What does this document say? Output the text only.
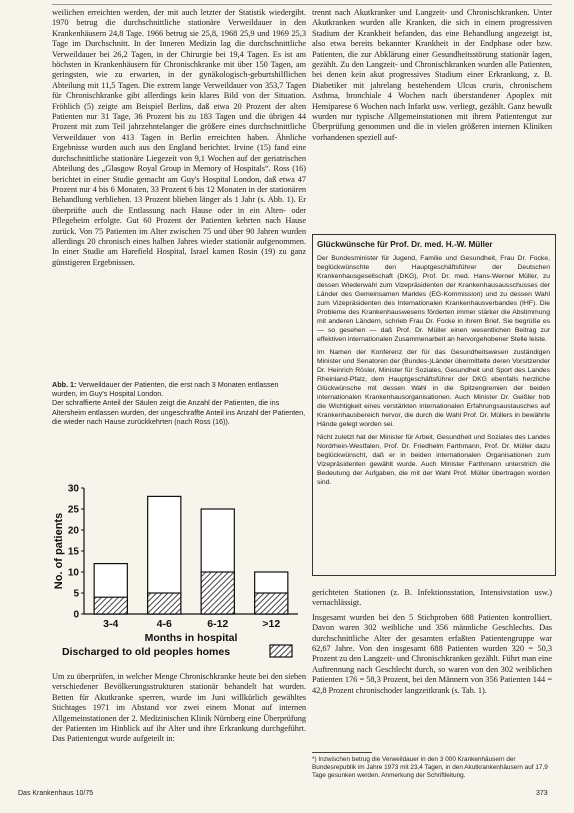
weilichen erreichten werden, der mit auch letzter der Statistik wiedergibt. 1970 betrug die durchschnittliche stationäre Verweildauer in den Krankenhäusern 24,8 Tage. 1966 betrug sie 25,8, 1968 25,9 und 1969 25,3 Tage im Durchschnitt. In der Inneren Medizin lag die durchschnittliche Verweildauer bei 26,2 Tagen, in der Chirurgie bei 19,4 Tagen. Es ist am höchsten in Krankenhäusern für Chronischkranke mit über 150 Tagen, am geringsten, wie zu erwarten, in der gynäkologisch-geburtshilflichen Abteilung mit 11,5 Tagen. Die extrem lange Verweildauer von 353,7 Tagen für Chronischkranke gibt allerdings kein klares Bild von der Situation. Fröhlich (5) zeigte am Beispiel Berlins, daß etwa 20 Prozent der alten Patienten nur 31 Tage, 36 Prozent bis zu 183 Tagen und die übrigen 44 Prozent mit zum Teil jahrzehntelanger die größere eines durchschnittliche Verweildauer von 413 Tagen in Berlin erreichten haben. Ähnliche Ergebnisse wurden auch aus den England berichtet. Irvine (15) fand eine durchschnittliche stationäre Liegezeit von 9,1 Wochen auf der geriatrischen Abteilung des „Glasgow Royal Group in Memory of Hospitals“. Ross (16) berichtet in einer Studie gemacht am Guy's Hospital London, daß etwa 47 Prozent nur 4 bis 6 Monaten, 33 Prozent 6 bis 12 Monaten in der stationären Behandlung verblieben. 13 Prozent blieben länger als 1 Jahr (s. Abb. 1). Er überprüfte auch die Entlassung nach Hause oder in ein Alten- oder Pflegeheim erfolgte. Gut 60 Prozent der Patienten kehrten nach Hause zurück. Von 75 Patienten im Alter zwischen 75 und über 90 Jahren wurden allerdings 20 chronisch eines halben Jahres wieder stationär aufgenommen. In einer Studie am Harefield Hospital, Israel kamen Rosin (19) zu ganz günstigeren Ergebnissen.

Abb. 1: Verweildauer der Patienten, die erst nach 3 Monaten entlassen wurden, im Guy's Hospital London.

Der schraffierte Anteil der Säulen zeigt die Anzahl der Patienten, die ins Altersheim entlassen wurden, der ungeschraffte Anteil ins Anzahl der Patienten, die wieder nach Hause zurückkehrten (nach Ross (16)).

0
5
10
15
20
25
30
No. of patients
3-4	4-6	6-12	>12
Months in hospital
Discharged to old peoples homes

Um zu überprüfen, in welcher Menge Chronischkranke heute bei den sieben verschiedener Bevölkerungsstrukturen stationär behandelt hat wurden. Betten für Akutkranke sperren, wurde im Juni willkürlich gewähltes Stichtages 1971 im Abstand vor zwei einem Monat auf internen Allgemeinstationen der 2. Medizinischen Klinik Nürnberg eine Überprüfung der Patienten im Hinblick auf ihr Alter und ihre Erkrankung durchgeführt. Das Patientengut wurde aufgeteilt in:

trennt nach Akutkranker und Langzeit- und Chronischkranken. Unter Akutkranken wurden alle Kranken, die sich in einem progressiven Stadium der Krankheit befanden, das eine Behandlung angezeigt ist, also etwa bereits bekannter Krankheit in der Endphase oder bzw. Patienten, die zur Abklärung einer Gesundheitsstörung stationär lagen, gezählt. Zu den Langzeit- und Chronischkranken wurden alle Patienten, bei denen kein akut progressives Stadium einer Erkrankung, z. B. Diabetiker mit jahrelang bestehendem Ulcus cruris, chronischem Asthma, bronchiale 4 Wochen nach überstandener Apoplex mit Hemiparese 6 Wochen nach Infarkt usw. verliegt, gezählt. Ganz bewußt wurden nur typische Allgemeinstationen mit ihrem Patientengut zur Überprüfung genommen und die in vielen größeren internen Kliniken vorhandenen speziell auf-

Glückwünsche für Prof. Dr. med. H.-W. Müller

Der Bundesminister für Jugend, Familie und Gesundheit, Frau Dr. Focke, beglückwünschte den Hauptgeschäftsführer der Deutschen Krankenhausgesellschaft (DKG), Prof. Dr. med. Hans-Werner Müller, zu dessen Wiederwahl zum Vizepräsidenten der Krankenhausausschusses der Länder des Gemeinsamen Marktes (EG-Kommission) und zu dessen Wahl zum Vizepräsidenten des Internationalen Krankenhausverbandes (IHF). Die Probleme des Krankenhauswesens förderten immer stärker die Abstimmung mit anderen Ländern, schrieb Frau Dr. Focke in ihrem Brief. Sie begrüße es — so gesehen — daß Prof. Dr. Müller einen wesentlichen Beitrag zur effektiven internationalen Zusammenarbeit an hervorgehobener Stelle leiste.

Im Namen der Konferenz der für das Gesundheitswesen zuständigen Minister und Senatoren der (Bundes-)Länder übermittelte deren Vorsitzender Dr. Heinrich Rösler, Minister für Soziales, Gesundheit und Sport des Landes Rheinland-Pfalz, dem Hauptgeschäftsführer der DKG ebenfalls herzliche Glückwünsche mit dessen Wahl in die Spitzengremien der beiden internationalen Krankenhausorganisationen. Auch Minister Dr. Geißler hob die Wichtigkeit eines verstärkten internationalen Erfahrungsaustausches auf Krankenhausbereich hervor, die durch die Wahl Prof. Dr. Müllers in bewährte Hände gelegt worden sei.

Nicht zuletzt hat der Minister für Arbeit, Gesundheit und Soziales des Landes Nordrhein-Westfalen, Prof. Dr. Friedhelm Farthmann, Prof. Dr. Müller dazu beglückwünscht, daß er in beiden internationalen Organisationen zum Vizepräsidenten gewählt wurde. Auch Minister Farthmann unterstrich die Bedeutung der Aufgaben, die mit der Wahl Prof. Müller übertragen worden sind.

gerichteten Stationen (z. B. Infektionsstation, Intensivstation usw.) vernachlässigt.

Insgesamt wurden bei den 5 Stichproben 688 Patienten kontrolliert. Davon waren 302 weibliche und 356 männliche Geschlechts. Das durchschnittliche Alter der gesamten erfaßten Patientengruppe war 62,67 Jahre. Von den insgesamt 688 Patienten wurden 320 = 50,3 Prozent zu den Langzeit- und Chronischkranken gezählt. Führt man eine Auftrennung nach Geschlecht durch, so waren von den 302 weiblichen Patienten 176 = 58,3 Prozent, bei den Männern von 356 Patienten 144 = 42,8 Prozent chronischoder langzeitkrank (s. Tab. 1).

*) Inzwischen betrug die Verweildauer in den 3 000 Krankenhäusern der Bundesrepublik im Jahre 1973 mit 23,4 Tagen, in den Akutkrankenhäusern auf 17,9 Tage gesunken werden. Anmerkung der Schriftleitung.

Das Krankenhaus 10/75	373
